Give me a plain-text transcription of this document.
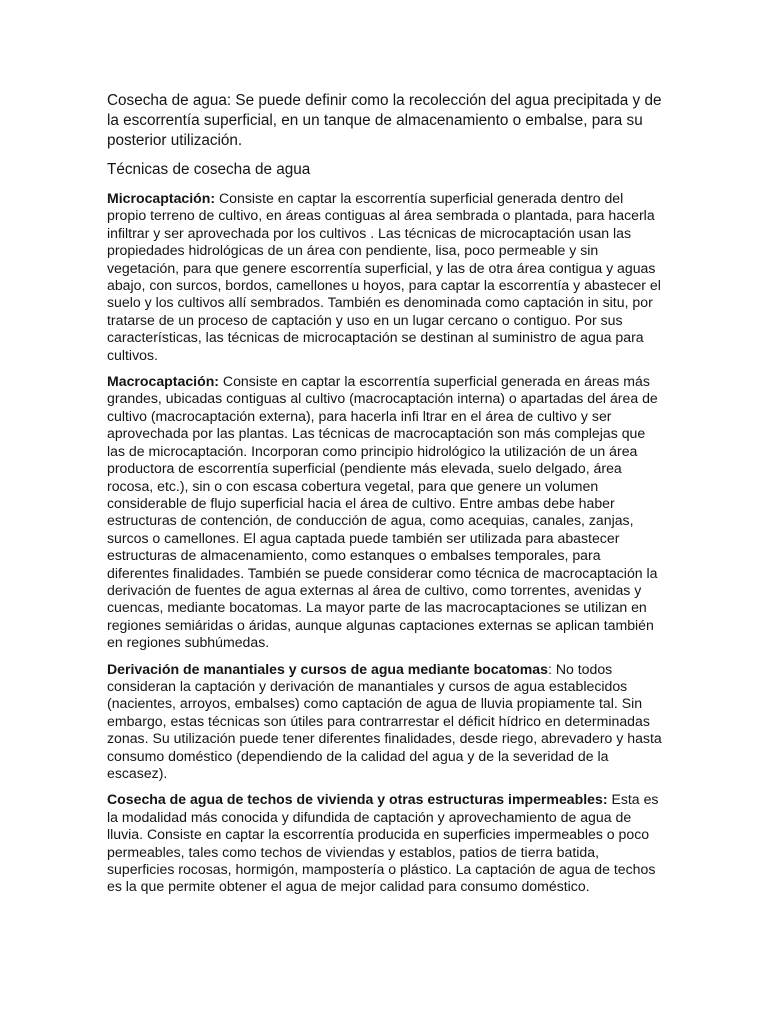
Cosecha de agua: Se puede definir como la recolección del agua precipitada y de la escorrentía superficial, en un tanque de almacenamiento o embalse, para su posterior utilización.

Técnicas de cosecha de agua

Microcaptación: Consiste en captar la escorrentía superficial generada dentro del propio terreno de cultivo, en áreas contiguas al área sembrada o plantada, para hacerla infiltrar y ser aprovechada por los cultivos . Las técnicas de microcaptación usan las propiedades hidrológicas de un área con pendiente, lisa, poco permeable y sin vegetación, para que genere escorrentía superficial, y las de otra área contigua y aguas abajo, con surcos, bordos, camellones u hoyos, para captar la escorrentía y abastecer el suelo y los cultivos allí sembrados. También es denominada como captación in situ, por tratarse de un proceso de captación y uso en un lugar cercano o contiguo. Por sus características, las técnicas de microcaptación se destinan al suministro de agua para cultivos.

Macrocaptación: Consiste en captar la escorrentía superficial generada en áreas más grandes, ubicadas contiguas al cultivo (macrocaptación interna) o apartadas del área de cultivo (macrocaptación externa), para hacerla infi ltrar en el área de cultivo y ser aprovechada por las plantas. Las técnicas de macrocaptación son más complejas que las de microcaptación. Incorporan como principio hidrológico la utilización de un área productora de escorrentía superficial (pendiente más elevada, suelo delgado, área rocosa, etc.), sin o con escasa cobertura vegetal, para que genere un volumen considerable de flujo superficial hacia el área de cultivo. Entre ambas debe haber estructuras de contención, de conducción de agua, como acequias, canales, zanjas, surcos o camellones. El agua captada puede también ser utilizada para abastecer estructuras de almacenamiento, como estanques o embalses temporales, para diferentes finalidades. También se puede considerar como técnica de macrocaptación la derivación de fuentes de agua externas al área de cultivo, como torrentes, avenidas y cuencas, mediante bocatomas. La mayor parte de las macrocaptaciones se utilizan en regiones semiáridas o áridas, aunque algunas captaciones externas se aplican también en regiones subhúmedas.

Derivación de manantiales y cursos de agua mediante bocatomas: No todos consideran la captación y derivación de manantiales y cursos de agua establecidos (nacientes, arroyos, embalses) como captación de agua de lluvia propiamente tal. Sin embargo, estas técnicas son útiles para contrarrestar el déficit hídrico en determinadas zonas. Su utilización puede tener diferentes finalidades, desde riego, abrevadero y hasta consumo doméstico (dependiendo de la calidad del agua y de la severidad de la escasez).

Cosecha de agua de techos de vivienda y otras estructuras impermeables: Esta es la modalidad más conocida y difundida de captación y aprovechamiento de agua de lluvia. Consiste en captar la escorrentía producida en superficies impermeables o poco permeables, tales como techos de viviendas y establos, patios de tierra batida, superficies rocosas, hormigón, mampostería o plástico. La captación de agua de techos es la que permite obtener el agua de mejor calidad para consumo doméstico.
